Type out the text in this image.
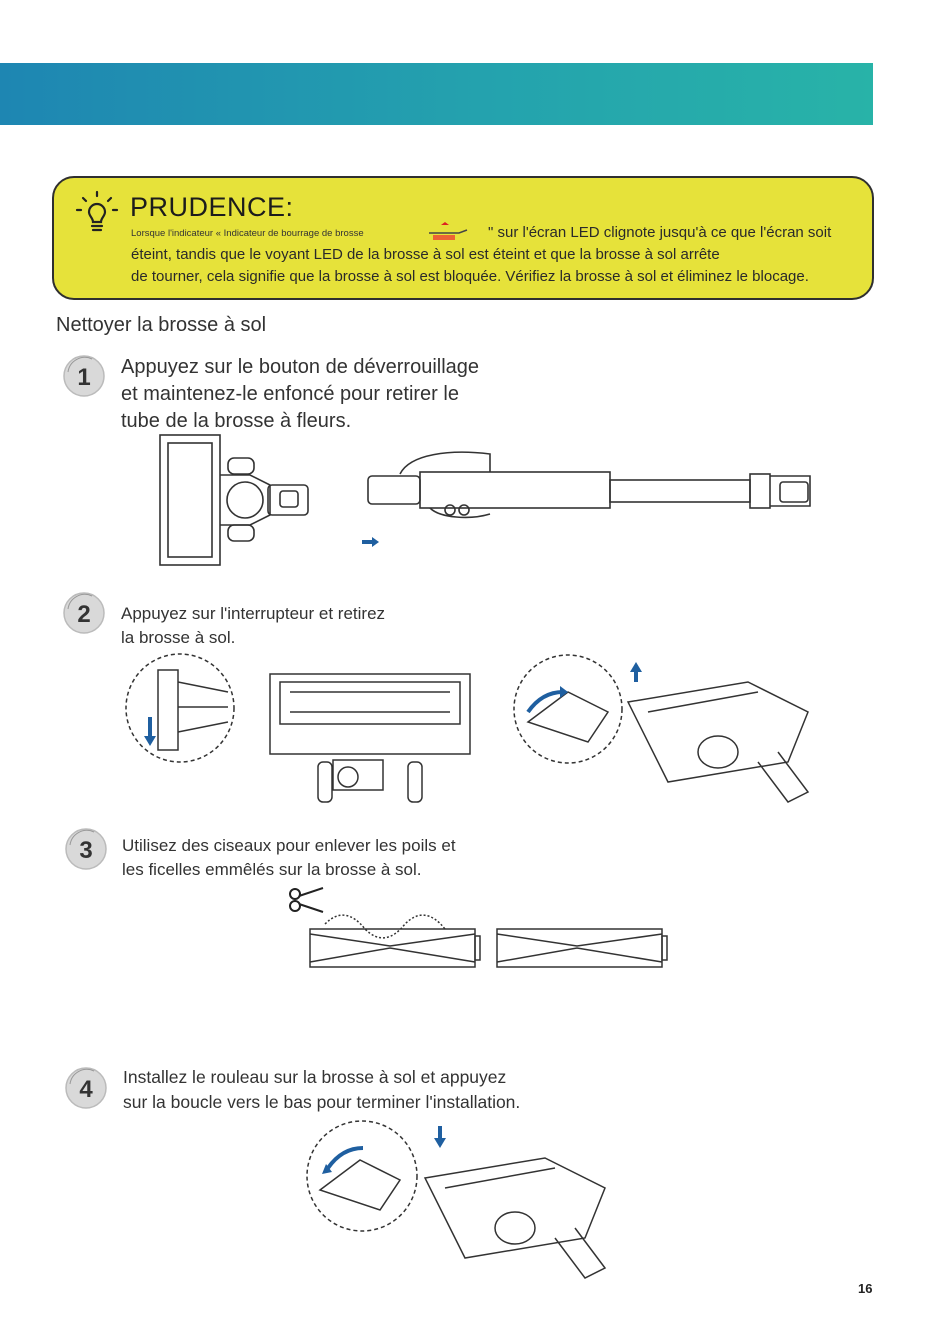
PRUDENCE:
Lorsque l'indicateur « Indicateur de bourrage de brosse	" sur l'écran LED clignote jusqu'à ce que l'écran soit
éteint, tandis que le voyant LED de la brosse à sol est éteint et que la brosse à sol arrête
de tourner, cela signifie que la brosse à sol est bloquée. Vérifiez la brosse à sol et éliminez le blocage.
Nettoyer la brosse à sol
1 Appuyez sur le bouton de déverrouillage
et maintenez-le enfoncé pour retirer le
tube de la brosse à fleurs.
2 Appuyez sur l'interrupteur et retirez
la brosse à sol.
3 Utilisez des ciseaux pour enlever les poils et
les ficelles emmêlés sur la brosse à sol.
4 Installez le rouleau sur la brosse à sol et appuyez
sur la boucle vers le bas pour terminer l'installation.
16
